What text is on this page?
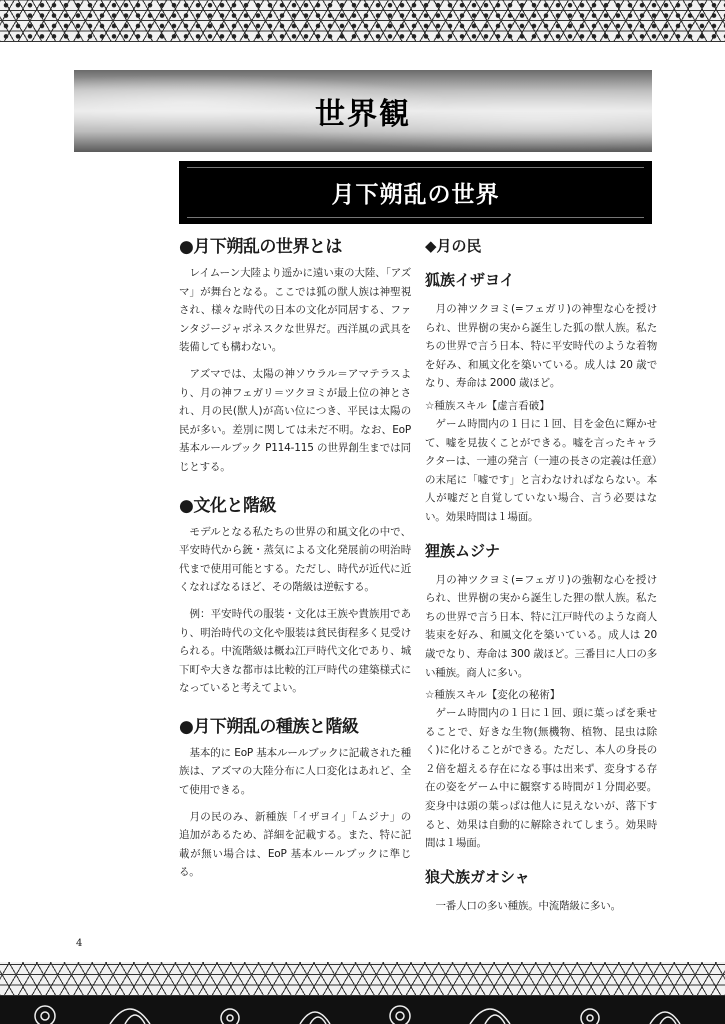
世界観
月下朔乱の世界
●月下朔乱の世界とは

レイムーン大陸より遥かに遠い東の大陸、「アズマ」が舞台となる。ここでは狐の獣人族は神聖視され、様々な時代の日本の文化が同居する、ファンタジージャポネスクな世界だ。西洋風の武具を装備しても構わない。

アズマでは、太陽の神ソウラル＝アマテラスより、月の神フェガリ＝ツクヨミが最上位の神とされ、月の民(獣人)が高い位につき、平民は太陽の民が多い。差別に関しては未だ不明。なお、EoP 基本ルールブック P114-115 の世界創生までは同じとする。

●文化と階級

モデルとなる私たちの世界の和風文化の中で、平安時代から銃・蒸気による文化発展前の明治時代まで使用可能とする。ただし、時代が近代に近くなればなるほど、その階級は逆転する。

例：平安時代の服装・文化は王族や貴族用であり、明治時代の文化や服装は貧民街程多く見受けられる。中流階級は概ね江戸時代文化であり、城下町や大きな都市は比較的江戸時代の建築様式になっていると考えてよい。

●月下朔乱の種族と階級

基本的に EoP 基本ルールブックに記載された種族は、アズマの大陸分布に人口変化はあれど、全て使用できる。

月の民のみ、新種族「イザヨイ」「ムジナ」の追加があるため、詳細を記載する。また、特に記載が無い場合は、EoP 基本ルールブックに準じる。

◆月の民
狐族イザヨイ

月の神ツクヨミ(=フェガリ)の神聖な心を授けられ、世界樹の実から誕生した狐の獣人族。私たちの世界で言う日本、特に平安時代のような着物を好み、和風文化を築いている。成人は 20 歳でなり、寿命は 2000 歳ほど。

☆種族スキル【虚言看破】

ゲーム時間内の１日に１回、目を金色に輝かせて、嘘を見抜くことができる。嘘を言ったキャラクターは、一連の発言（一連の長さの定義は任意）の末尾に「嘘です」と言わなければならない。本人が嘘だと自覚していない場合、言う必要はない。効果時間は１場面。

狸族ムジナ

月の神ツクヨミ(=フェガリ)の強靭な心を授けられ、世界樹の実から誕生した狸の獣人族。私たちの世界で言う日本、特に江戸時代のような商人装束を好み、和風文化を築いている。成人は 20 歳でなり、寿命は 300 歳ほど。三番目に人口の多い種族。商人に多い。

☆種族スキル【変化の秘術】

ゲーム時間内の１日に１回、頭に葉っぱを乗せることで、好きな生物(無機物、植物、昆虫は除く)に化けることができる。ただし、本人の身長の２倍を超える存在になる事は出来ず、変身する存在の姿をゲーム中に観察する時間が１分間必要。変身中は頭の葉っぱは他人に見えないが、落下すると、効果は自動的に解除されてしまう。効果時間は１場面。

狼犬族ガオシャ

一番人口の多い種族。中流階級に多い。

4
